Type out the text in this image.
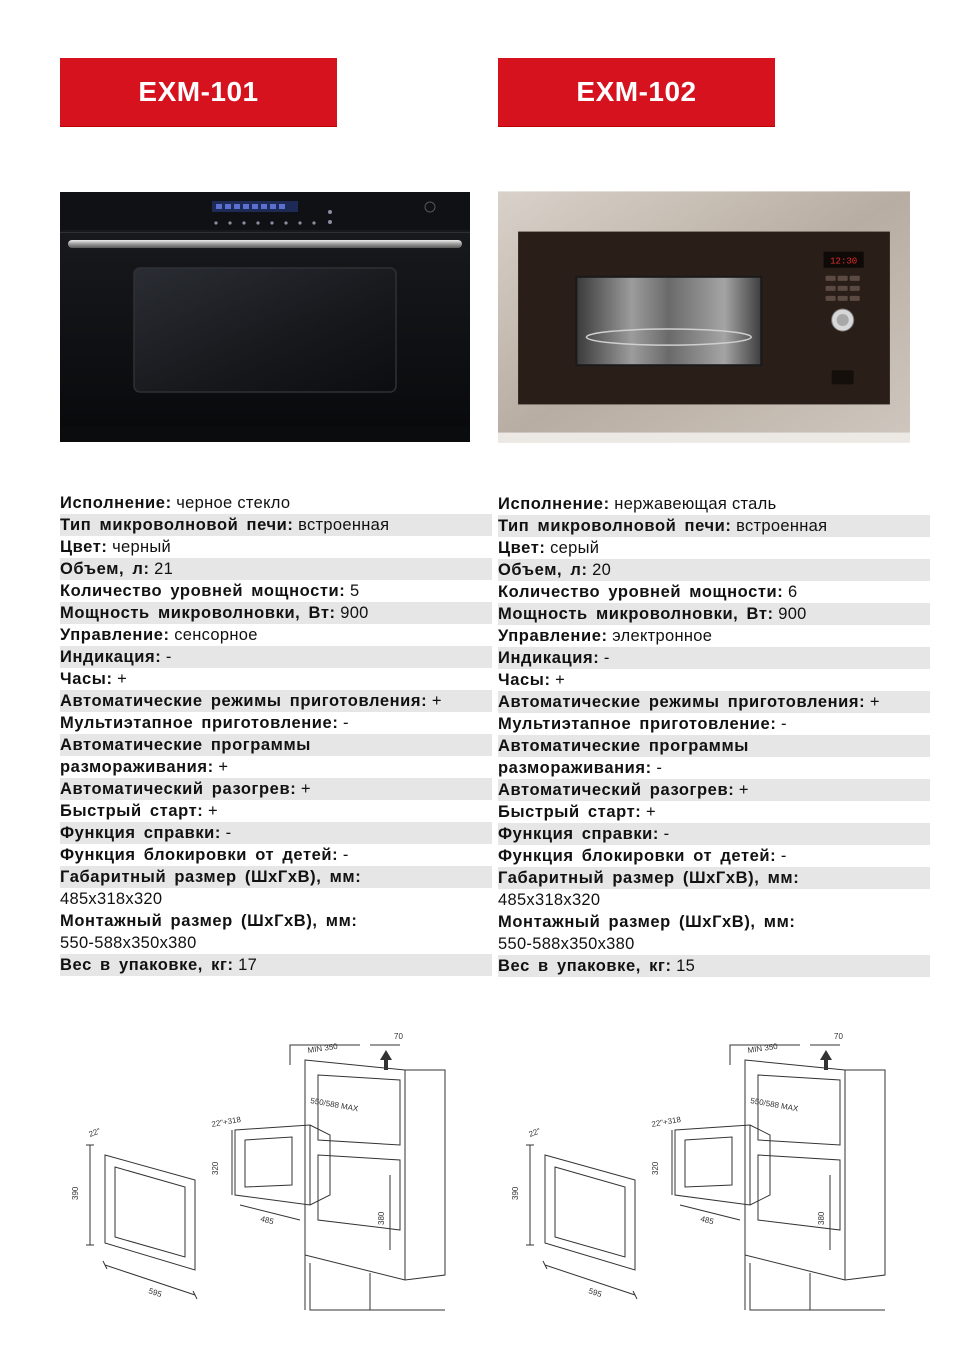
EXM-101
Исполнение: черное стекло
Тип микроволновой печи: встроенная
Цвет: черный
Объем, л: 21
Количество уровней мощности: 5
Мощность микроволновки, Вт: 900
Управление: сенсорное
Индикация: -
Часы: +
Автоматические режимы приготовления: +
Мультиэтапное приготовление: -
Автоматические программы
размораживания: +
Автоматический разогрев: +
Быстрый старт: +
Функция справки: -
Функция блокировки от детей: -
Габаритный размер (ШхГхВ), мм:
485x318x320
Монтажный размер (ШхГхВ), мм:
550-588x350x380
Вес в упаковке, кг: 17
EXM-102
12:30
Исполнение: нержавеющая сталь
Тип микроволновой печи: встроенная
Цвет: серый
Объем, л: 20
Количество уровней мощности: 6
Мощность микроволновки, Вт: 900
Управление: электронное
Индикация: -
Часы: +
Автоматические режимы приготовления: +
Мультиэтапное приготовление: -
Автоматические программы
размораживания: -
Автоматический разогрев: +
Быстрый старт: +
Функция справки: -
Функция блокировки от детей: -
Габаритный размер (ШхГхВ), мм:
485x318x320
Монтажный размер (ШхГхВ), мм:
550-588x350x380
Вес в упаковке, кг: 15
MIN 350
70
550/588 MAX
22"+318
22"
390
320
380
485
595
MIN 350
70
550/588 MAX
22"+318
22"
390
320
380
485
595
